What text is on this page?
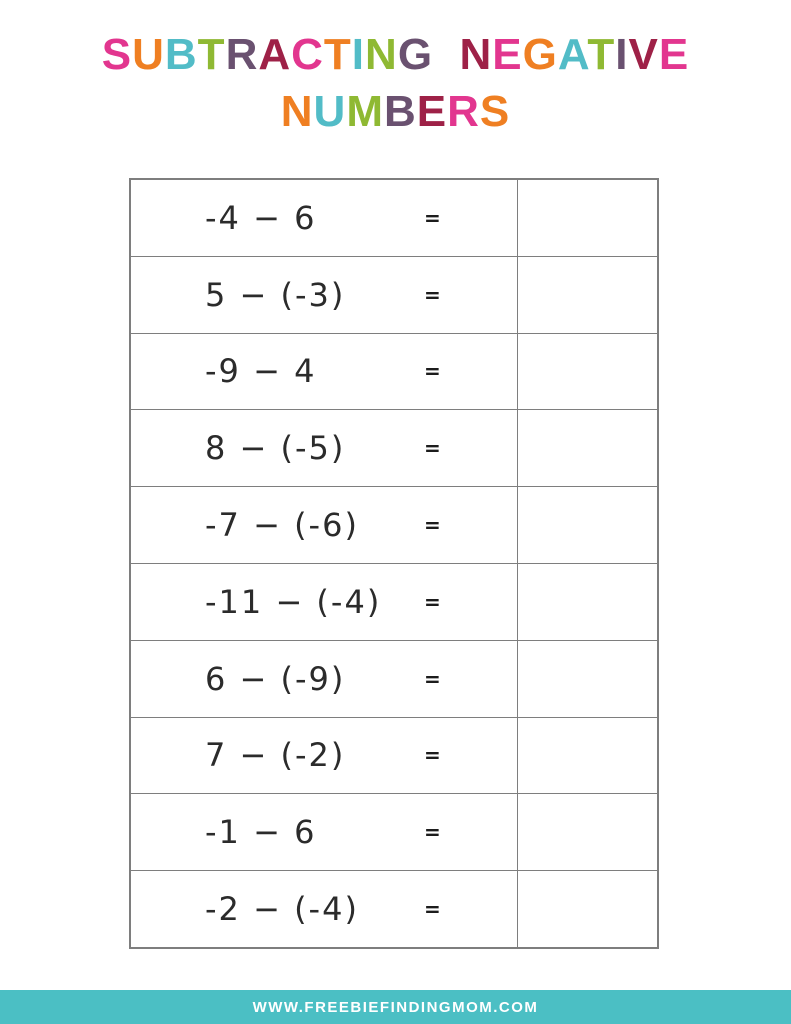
SUBTRACTING NEGATIVE
NUMBERS
-4 − 6	=
5 − (-3)	=
-9 − 4	=
8 − (-5)	=
-7 − (-6)	=
-11 − (-4) =
6 − (-9)	=
7 − (-2)	=
-1 − 6	=
-2 − (-4)	=
WWW.FREEBIEFINDINGMOM.COM
